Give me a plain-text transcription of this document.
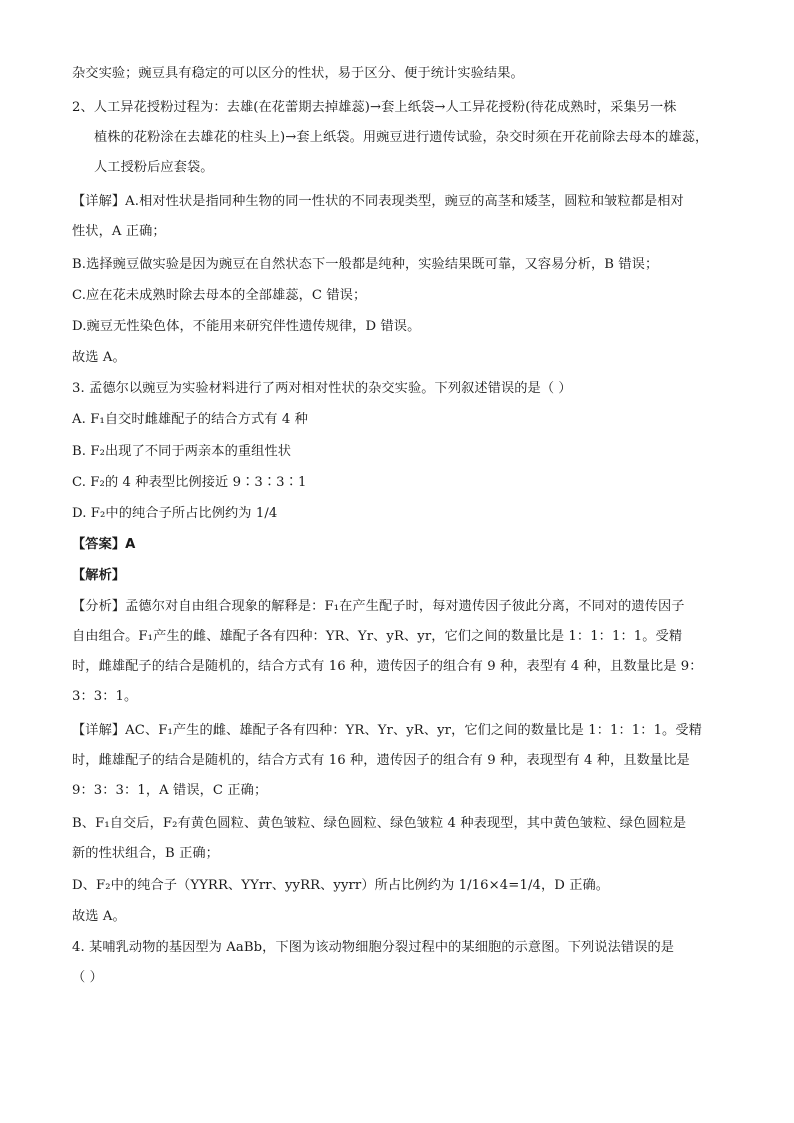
杂交实验；豌豆具有稳定的可以区分的性状，易于区分、便于统计实验结果。
2、人工异花授粉过程为：去雄(在花蕾期去掉雄蕊)→套上纸袋→人工异花授粉(待花成熟时，采集另一株
植株的花粉涂在去雄花的柱头上)→套上纸袋。用豌豆进行遗传试验，杂交时须在开花前除去母本的雄蕊，
人工授粉后应套袋。
【详解】A.相对性状是指同种生物的同一性状的不同表现类型，豌豆的高茎和矮茎，圆粒和皱粒都是相对
性状，A 正确；
B.选择豌豆做实验是因为豌豆在自然状态下一般都是纯种，实验结果既可靠，又容易分析，B 错误；
C.应在花未成熟时除去母本的全部雄蕊，C 错误；
D.豌豆无性染色体，不能用来研究伴性遗传规律，D 错误。
故选 A。
3. 孟德尔以豌豆为实验材料进行了两对相对性状的杂交实验。下列叙述错误的是（ ）
A. F₁自交时雌雄配子的结合方式有 4 种
B. F₂出现了不同于两亲本的重组性状
C. F₂的 4 种表型比例接近 9∶3∶3∶1
D. F₂中的纯合子所占比例约为 1/4
【答案】A
【解析】
【分析】孟德尔对自由组合现象的解释是：F₁在产生配子时，每对遗传因子彼此分离，不同对的遗传因子
自由组合。F₁产生的雌、雄配子各有四种：YR、Yr、yR、yr，它们之间的数量比是 1：1：1：1。受精
时，雌雄配子的结合是随机的，结合方式有 16 种，遗传因子的组合有 9 种，表型有 4 种，且数量比是 9：
3：3：1。
【详解】AC、F₁产生的雌、雄配子各有四种：YR、Yr、yR、yr，它们之间的数量比是 1：1：1：1。受精
时，雌雄配子的结合是随机的，结合方式有 16 种，遗传因子的组合有 9 种，表现型有 4 种，且数量比是
9：3：3：1，A 错误，C 正确；
B、F₁自交后，F₂有黄色圆粒、黄色皱粒、绿色圆粒、绿色皱粒 4 种表现型，其中黄色皱粒、绿色圆粒是
新的性状组合，B 正确；
D、F₂中的纯合子（YYRR、YYrr、yyRR、yyrr）所占比例约为 1/16×4=1/4，D 正确。
故选 A。
4. 某哺乳动物的基因型为 AaBb，下图为该动物细胞分裂过程中的某细胞的示意图。下列说法错误的是
（ ）
